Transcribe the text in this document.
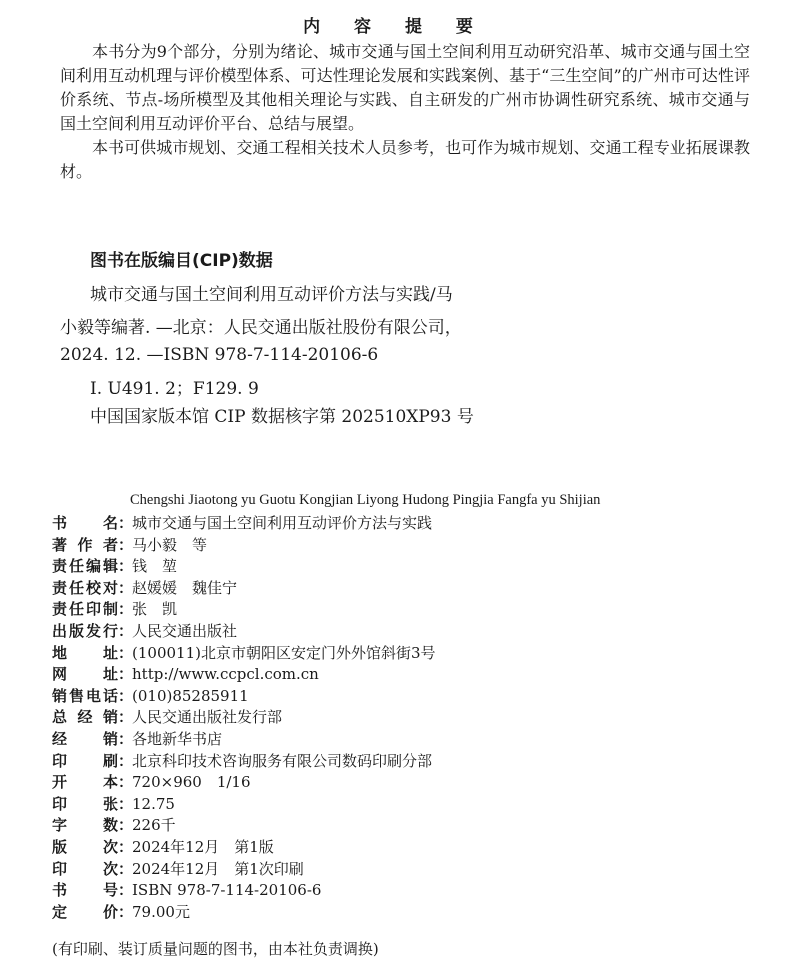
内 容 提 要

本书分为9个部分，分别为绪论、城市交通与国土空间利用互动研究沿革、城市交通与国土空间利用互动机理与评价模型体系、可达性理论发展和实践案例、基于“三生空间”的广州市可达性评价系统、节点-场所模型及其他相关理论与实践、自主研发的广州市协调性研究系统、城市交通与国土空间利用互动评价平台、总结与展望。

本书可供城市规划、交通工程相关技术人员参考，也可作为城市规划、交通工程专业拓展课教材。

图书在版编目(CIP)数据
城市交通与国土空间利用互动评价方法与实践/马
小毅等编著. —北京：人民交通出版社股份有限公司，
2024. 12. —ISBN 978-7-114-20106-6
Ⅰ. U491. 2；F129. 9
中国国家版本馆 CIP 数据核字第 202510XP93 号
Chengshi Jiaotong yu Guotu Kongjian Liyong Hudong Pingjia Fangfa yu Shijian
书 名 ：
城市交通与国土空间利用互动评价方法与实践
著 作 者 ：
马小毅　等
责 任 编 辑 ：
钱　堃
责 任 校 对 ：
赵媛媛　魏佳宁
责 任 印 制 ：
张　凯
出 版 发 行 ：
人民交通出版社
地 址 ：
(100011)北京市朝阳区安定门外外馆斜街3号
网 址 ：
http://www.ccpcl.com.cn
销 售 电 话 ：
(010)85285911
总 经 销 ：
人民交通出版社发行部
经 销 ：
各地新华书店
印 刷 ：
北京科印技术咨询服务有限公司数码印刷分部
开 本 ：
720×960　1/16
印 张 ：
12.75
字 数 ：
226千
版 次 ：
2024年12月　第1版
印 次 ：
2024年12月　第1次印刷
书 号 ：
ISBN 978-7-114-20106-6
定 价 ：
79.00元
(有印刷、装订质量问题的图书，由本社负责调换)
